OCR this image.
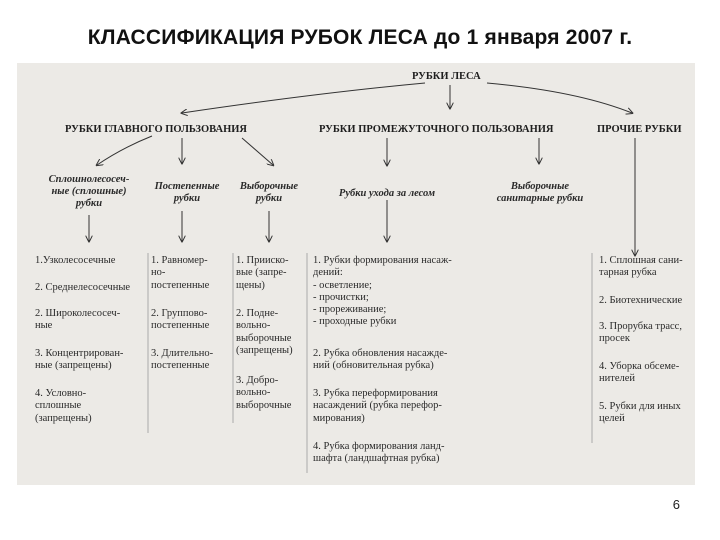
КЛАССИФИКАЦИЯ РУБОК ЛЕСА до 1 января 2007 г.
РУБКИ ЛЕСА
РУБКИ ГЛАВНОГО ПОЛЬЗОВАНИЯ	РУБКИ ПРОМЕЖУТОЧНОГО ПОЛЬЗОВАНИЯ	ПРОЧИЕ РУБКИ
Сплошнолесосеч-
ные (сплошные)
рубки
Постепенные
рубки
Выборочные
рубки	Рубки ухода за лесом
Выборочные
санитарные рубки
1.Узколесосечные
2. Среднелесосечные
2. Широколесосеч-
ные
3. Концентрирован-
ные (запрещены)
4. Условно-
сплошные
(запрещены)
1. Равномер-
но-
постепенные
2. Группово-
постепенные
3. Длительно-
постепенные
1. Прииско-
вые (запре-
щены)
2. Подне-
вольно-
выборочные
(запрещены)
3. Добро-
вольно-
выборочные
1. Рубки формирования насаж-
дений:
- осветление;
- прочистки;
- прореживание;
- проходные рубки
2. Рубка обновления насажде-
ний (обновительная рубка)
3. Рубка переформирования
насаждений (рубка перефор-
мирования)
4. Рубка формирования ланд-
шафта (ландшафтная рубка)
1. Сплошная сани-
тарная рубка
2. Биотехнические
3. Прорубка трасс,
просек
4. Уборка обсеме-
нителей
5. Рубки для иных
целей
6
